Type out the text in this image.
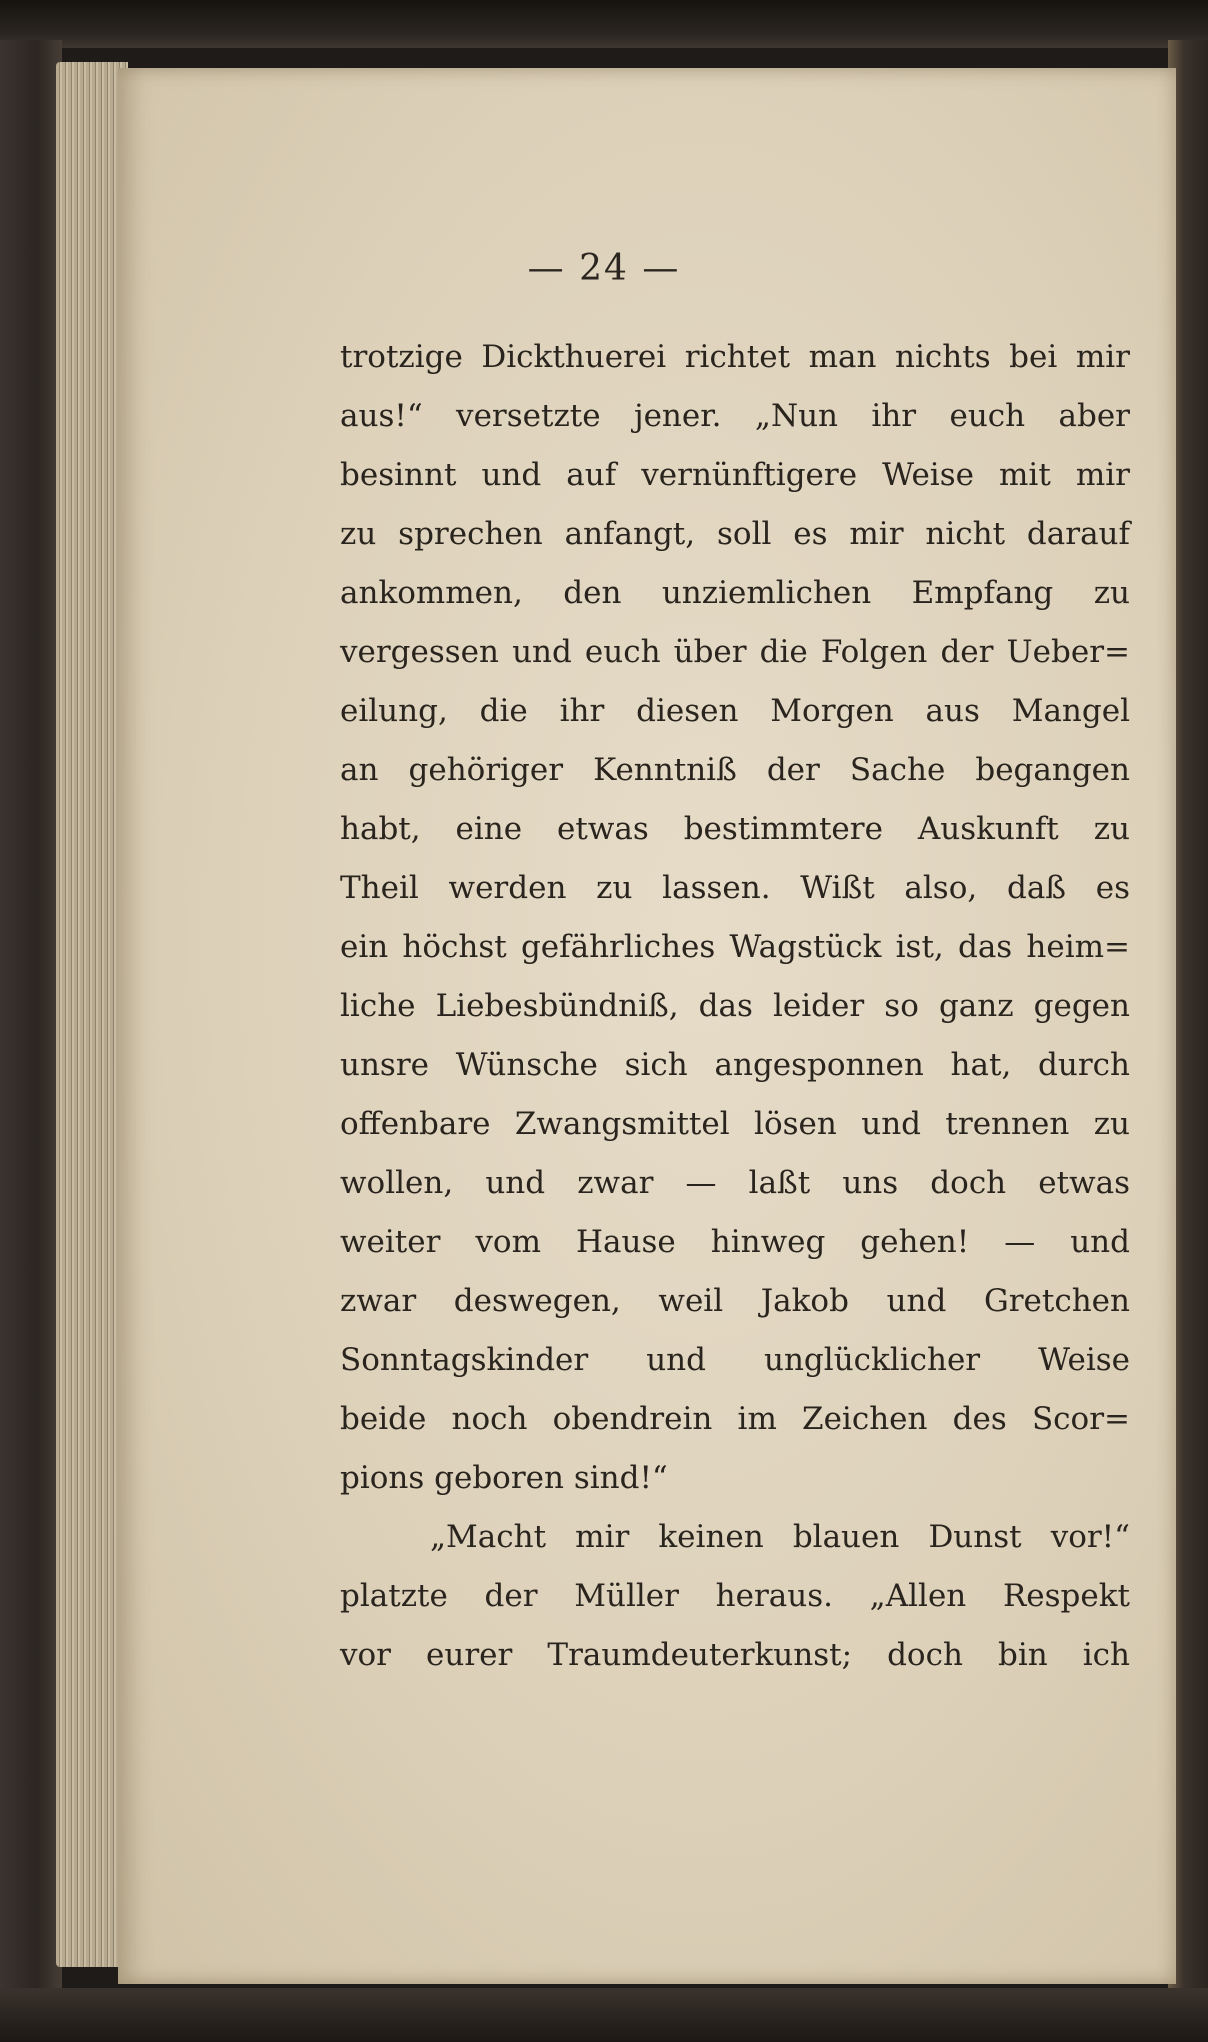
— 24 —
trotzige Dickthuerei richtet man nichts bei mir
aus!“ versetzte jener. „Nun ihr euch aber
besinnt und auf vernünftigere Weise mit mir
zu sprechen anfangt, soll es mir nicht darauf
ankommen, den unziemlichen Empfang zu
vergessen und euch über die Folgen der Ueber=
eilung, die ihr diesen Morgen aus Mangel
an gehöriger Kenntniß der Sache begangen
habt, eine etwas bestimmtere Auskunft zu
Theil werden zu lassen. Wißt also, daß es
ein höchst gefährliches Wagstück ist, das heim=
liche Liebesbündniß, das leider so ganz gegen
unsre Wünsche sich angesponnen hat, durch
offenbare Zwangsmittel lösen und trennen zu
wollen, und zwar — laßt uns doch etwas
weiter vom Hause hinweg gehen! — und
zwar deswegen, weil Jakob und Gretchen
Sonntagskinder und unglücklicher Weise
beide noch obendrein im Zeichen des Scor=
pions geboren sind!“
„Macht mir keinen blauen Dunst vor!“
platzte der Müller heraus. „Allen Respekt
vor eurer Traumdeuterkunst; doch bin ich
